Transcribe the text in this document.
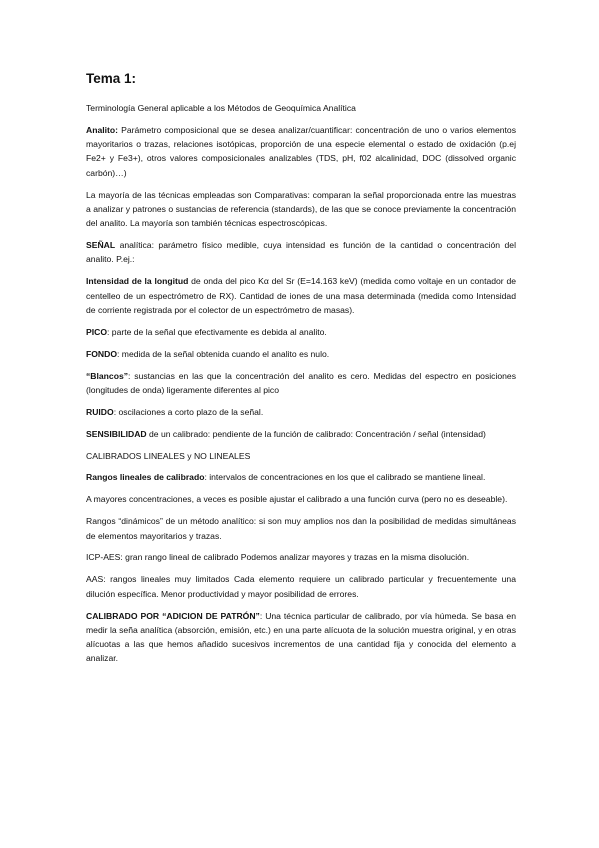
Tema 1:

Terminología General aplicable a los Métodos de Geoquímica Analítica

Analito: Parámetro composicional que se desea analizar/cuantificar: concentración de uno o varios elementos mayoritarios o trazas, relaciones isotópicas, proporción de una especie elemental o estado de oxidación (p.ej Fe2+ y Fe3+), otros valores composicionales analizables (TDS, pH, f02 alcalinidad, DOC (dissolved organic carbón)…)

La mayoría de las técnicas empleadas son Comparativas: comparan la señal proporcionada entre las muestras a analizar y patrones o sustancias de referencia (standards), de las que se conoce previamente la concentración del analito. La mayoría son también técnicas espectroscópicas.

SEÑAL analítica: parámetro físico medible, cuya intensidad es función de la cantidad o concentración del analito. P.ej.:

Intensidad de la longitud de onda del pico Kα del Sr (E=14.163 keV) (medida como voltaje en un contador de centelleo de un espectrómetro de RX). Cantidad de iones de una masa determinada (medida como Intensidad de corriente registrada por el colector de un espectrómetro de masas).

PICO: parte de la señal que efectivamente es debida al analito.

FONDO: medida de la señal obtenida cuando el analito es nulo.

“Blancos”: sustancias en las que la concentración del analito es cero. Medidas del espectro en posiciones (longitudes de onda) ligeramente diferentes al pico

RUIDO: oscilaciones a corto plazo de la señal.

SENSIBILIDAD de un calibrado: pendiente de la función de calibrado: Concentración / señal (intensidad)

CALIBRADOS LINEALES y NO LINEALES

Rangos lineales de calibrado: intervalos de concentraciones en los que el calibrado se mantiene lineal.

A mayores concentraciones, a veces es posible ajustar el calibrado a una función curva (pero no es deseable).

Rangos “dinámicos” de un método analítico: si son muy amplios nos dan la posibilidad de medidas simultáneas de elementos mayoritarios y trazas.

ICP-AES: gran rango lineal de calibrado Podemos analizar mayores y trazas en la misma disolución.

AAS: rangos lineales muy limitados Cada elemento requiere un calibrado particular y frecuentemente una dilución específica. Menor productividad y mayor posibilidad de errores.

CALIBRADO POR “ADICION DE PATRÓN”: Una técnica particular de calibrado, por vía húmeda. Se basa en medir la seña analítica (absorción, emisión, etc.) en una parte alícuota de la solución muestra original, y en otras alícuotas a las que hemos añadido sucesivos incrementos de una cantidad fija y conocida del elemento a analizar.
